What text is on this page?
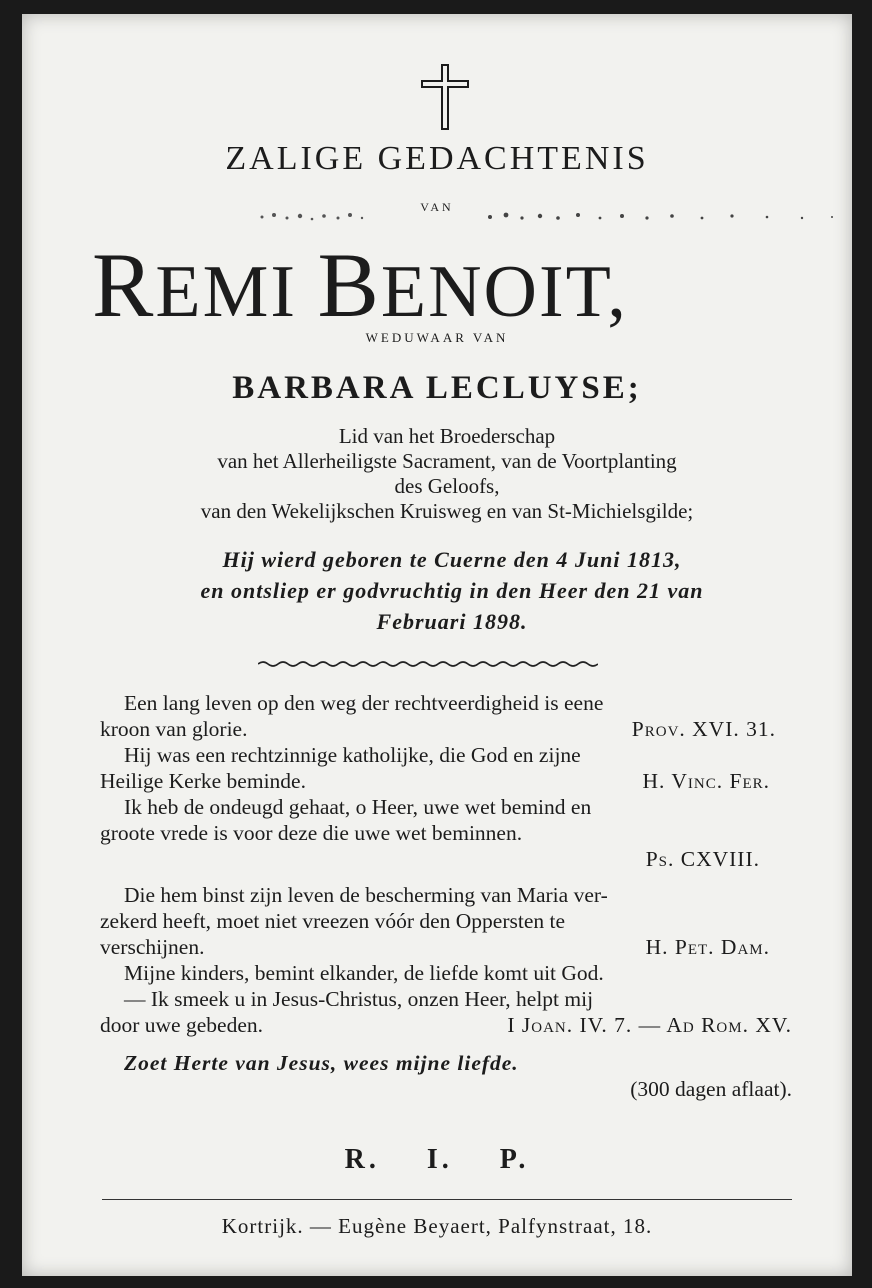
ZALIGE GEDACHTENIS
VAN
REMI BENOIT,
WEDUWAAR VAN
BARBARA LECLUYSE;
Lid van het Broederschap
van het Allerheiligste Sacrament, van de Voortplanting
des Geloofs,
van den Wekelijkschen Kruisweg en van St-Michielsgilde;
Hij wierd geboren te Cuerne den 4 Juni 1813,
en ontsliep er godvruchtig in den Heer den 21 van
Februari 1898.
Een lang leven op den weg der rechtveerdigheid is eene
kroon van glorie.	Prov. XVI. 31.
Hij was een rechtzinnige katholijke, die God en zijne
Heilige Kerke beminde.	H. Vinc. Fer.
Ik heb de ondeugd gehaat, o Heer, uwe wet bemind en
groote vrede is voor deze die uwe wet beminnen.
Ps. CXVIII.
Die hem binst zijn leven de bescherming van Maria ver-
zekerd heeft, moet niet vreezen vóór den Oppersten te
verschijnen.	H. Pet. Dam.
Mijne kinders, bemint elkander, de liefde komt uit God.
— Ik smeek u in Jesus-Christus, onzen Heer, helpt mij
door uwe gebeden.	I Joan. IV. 7. — Ad Rom. XV.
Zoet Herte van Jesus, wees mijne liefde.
(300 dagen aflaat).
R. I. P.
Kortrijk. — Eugène Beyaert, Palfynstraat, 18.
